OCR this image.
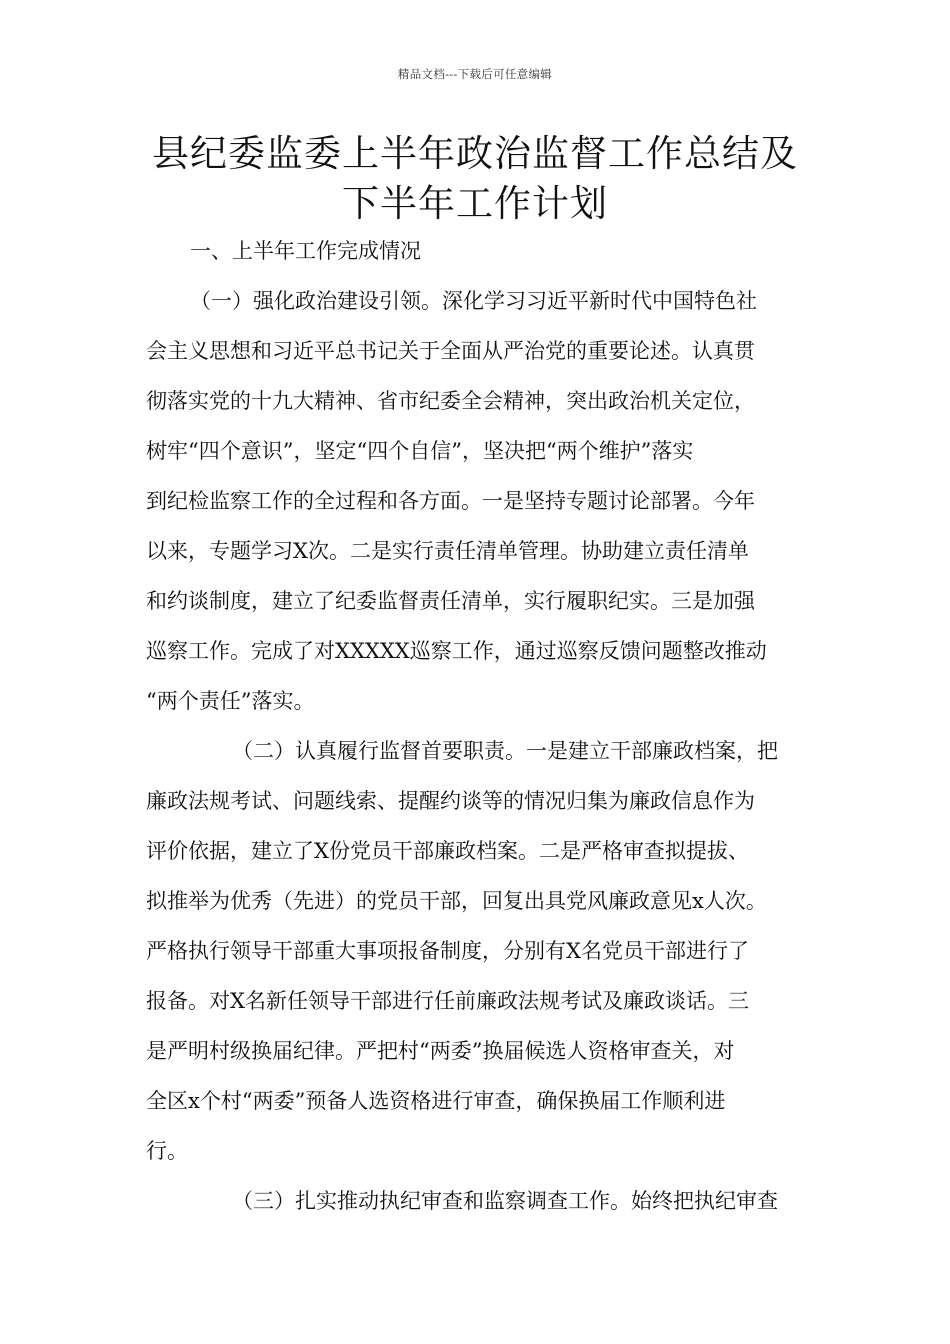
精品文档---下载后可任意编辑
县纪委监委上半年政治监督工作总结及
下半年工作计划
一、上半年工作完成情况
（一）强化政治建设引领。深化学习习近平新时代中国特色社
会主义思想和习近平总书记关于全面从严治党的重要论述。认真贯
彻落实党的十九大精神、省市纪委全会精神，突出政治机关定位，
树牢“四个意识”，坚定“四个自信”，坚决把“两个维护”落实
到纪检监察工作的全过程和各方面。一是坚持专题讨论部署。今年
以来，专题学习X次。二是实行责任清单管理。协助建立责任清单
和约谈制度，建立了纪委监督责任清单，实行履职纪实。三是加强
巡察工作。完成了对XXXXX巡察工作，通过巡察反馈问题整改推动
“两个责任”落实。
（二）认真履行监督首要职责。一是建立干部廉政档案，把
廉政法规考试、问题线索、提醒约谈等的情况归集为廉政信息作为
评价依据，建立了X份党员干部廉政档案。二是严格审查拟提拔、
拟推举为优秀（先进）的党员干部，回复出具党风廉政意见x人次。
严格执行领导干部重大事项报备制度，分别有X名党员干部进行了
报备。对X名新任领导干部进行任前廉政法规考试及廉政谈话。三
是严明村级换届纪律。严把村“两委”换届候选人资格审查关，对
全区x个村“两委”预备人选资格进行审查，确保换届工作顺利进
行。
（三）扎实推动执纪审查和监察调查工作。始终把执纪审查
